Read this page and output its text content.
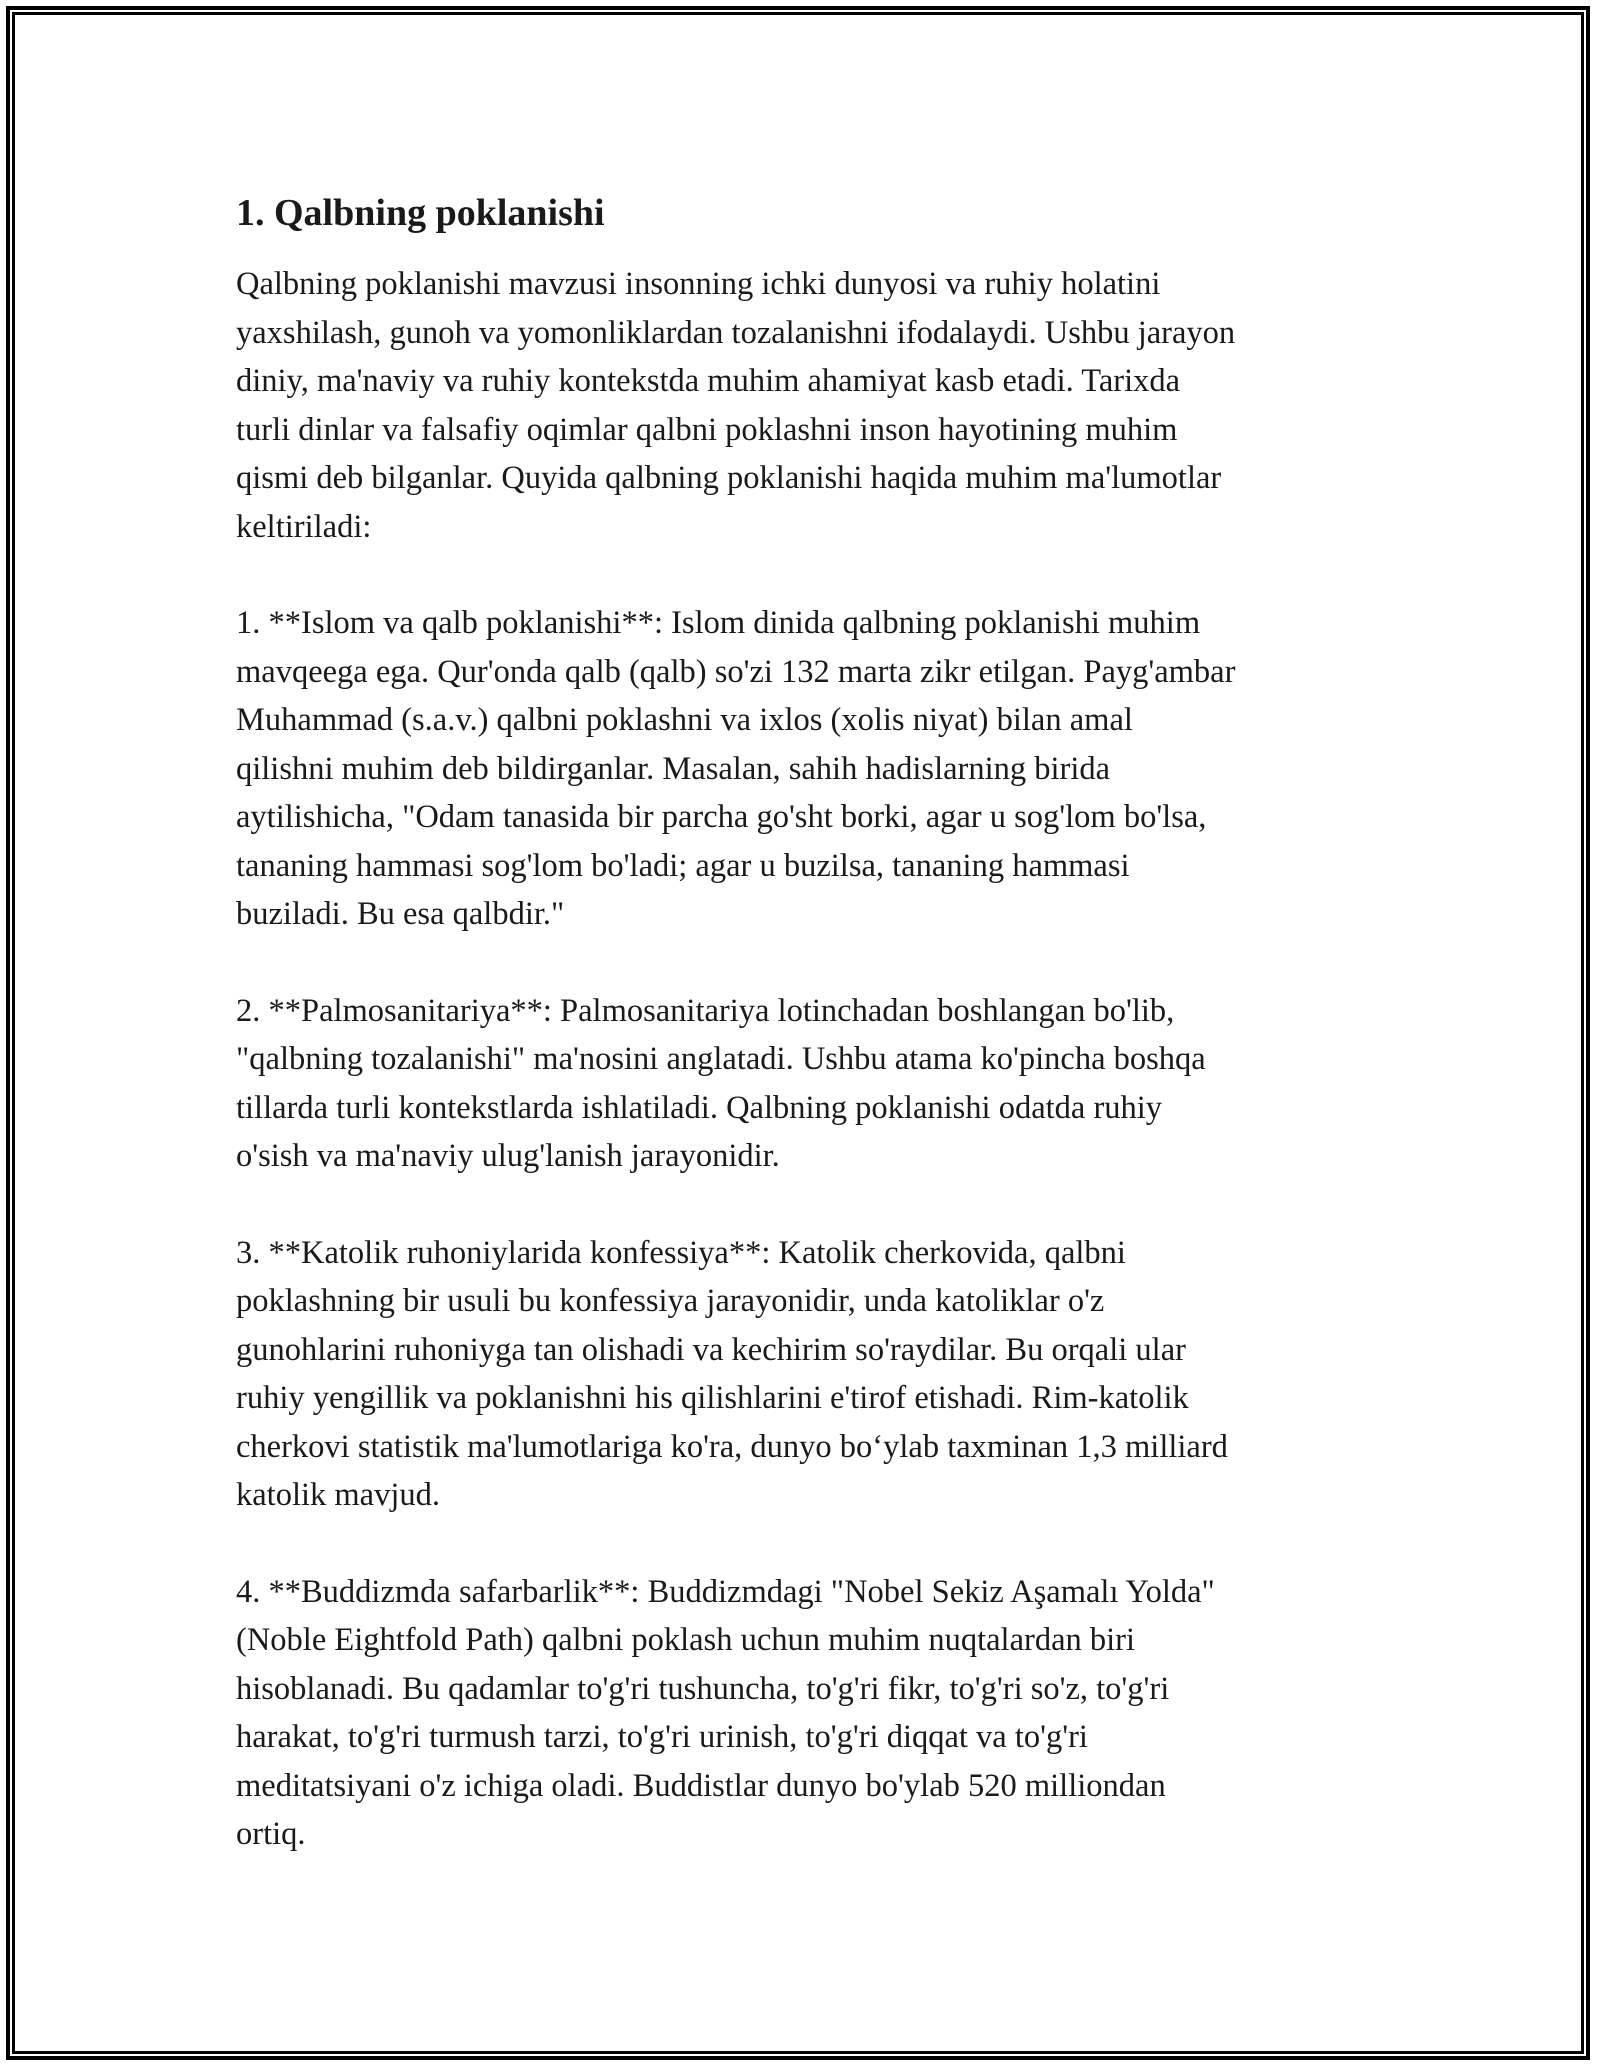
1. Qalbning poklanishi

Qalbning poklanishi mavzusi insonning ichki dunyosi va ruhiy holatini
yaxshilash, gunoh va yomonliklardan tozalanishni ifodalaydi. Ushbu jarayon
diniy, ma'naviy va ruhiy kontekstda muhim ahamiyat kasb etadi. Tarixda
turli dinlar va falsafiy oqimlar qalbni poklashni inson hayotining muhim
qismi deb bilganlar. Quyida qalbning poklanishi haqida muhim ma'lumotlar
keltiriladi:

1. **Islom va qalb poklanishi**: Islom dinida qalbning poklanishi muhim
mavqeega ega. Qur'onda qalb (qalb) so'zi 132 marta zikr etilgan. Payg'ambar
Muhammad (s.a.v.) qalbni poklashni va ixlos (xolis niyat) bilan amal
qilishni muhim deb bildirganlar. Masalan, sahih hadislarning birida
aytilishicha, "Odam tanasida bir parcha go'sht borki, agar u sog'lom bo'lsa,
tananing hammasi sog'lom bo'ladi; agar u buzilsa, tananing hammasi
buziladi. Bu esa qalbdir."

2. **Palmosanitariya**: Palmosanitariya lotinchadan boshlangan bo'lib,
"qalbning tozalanishi" ma'nosini anglatadi. Ushbu atama ko'pincha boshqa
tillarda turli kontekstlarda ishlatiladi. Qalbning poklanishi odatda ruhiy
o'sish va ma'naviy ulug'lanish jarayonidir.

3. **Katolik ruhoniylarida konfessiya**: Katolik cherkovida, qalbni
poklashning bir usuli bu konfessiya jarayonidir, unda katoliklar o'z
gunohlarini ruhoniyga tan olishadi va kechirim so'raydilar. Bu orqali ular
ruhiy yengillik va poklanishni his qilishlarini e'tirof etishadi. Rim-katolik
cherkovi statistik ma'lumotlariga ko'ra, dunyo bo‘ylab taxminan 1,3 milliard
katolik mavjud.

4. **Buddizmda safarbarlik**: Buddizmdagi "Nobel Sekiz Aşamalı Yolda"
(Noble Eightfold Path) qalbni poklash uchun muhim nuqtalardan biri
hisoblanadi. Bu qadamlar to'g'ri tushuncha, to'g'ri fikr, to'g'ri so'z, to'g'ri
harakat, to'g'ri turmush tarzi, to'g'ri urinish, to'g'ri diqqat va to'g'ri
meditatsiyani o'z ichiga oladi. Buddistlar dunyo bo'ylab 520 milliondan
ortiq.
